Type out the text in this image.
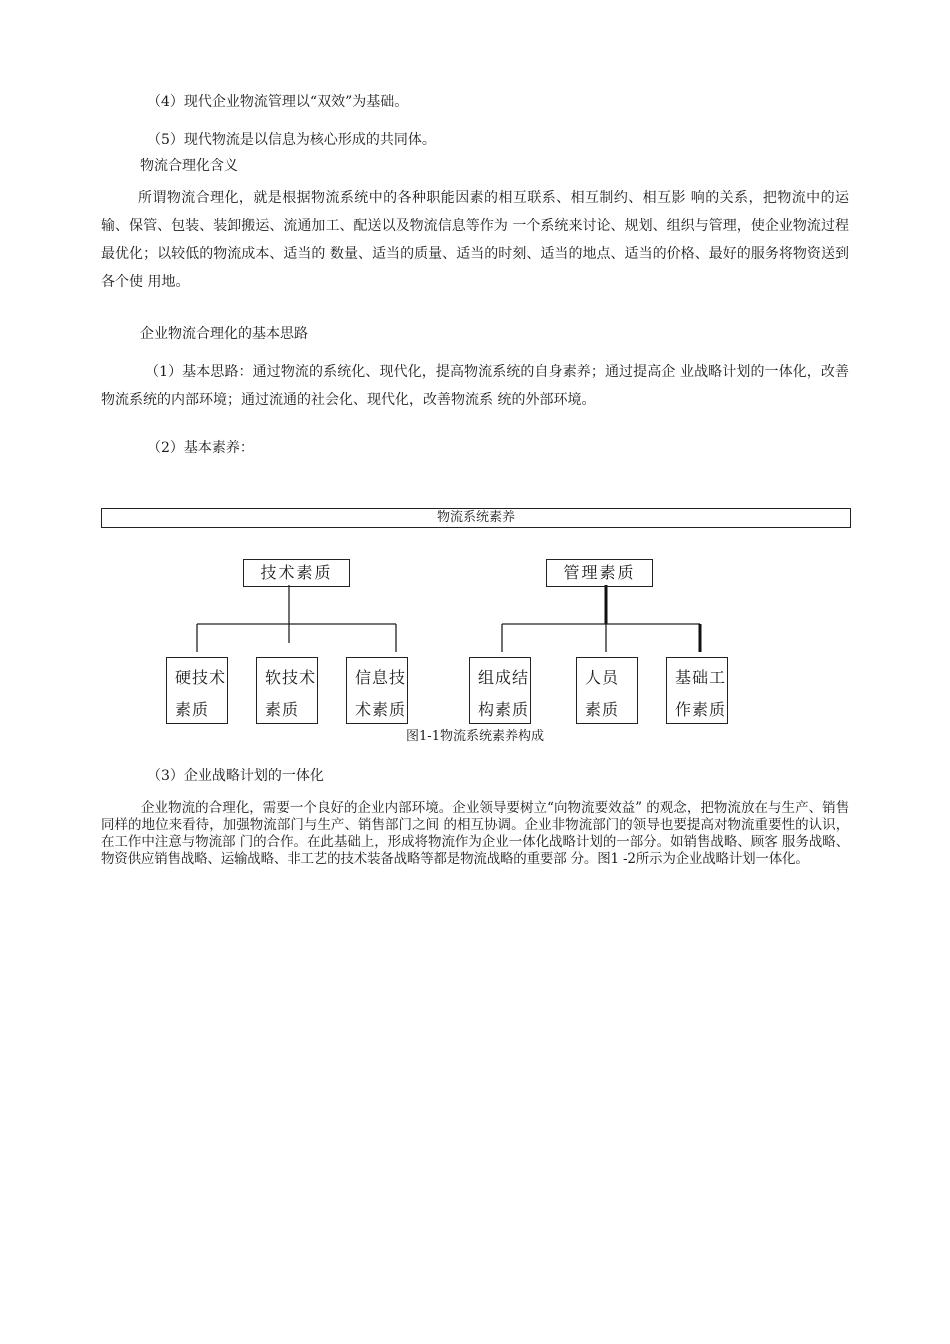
（4）现代企业物流管理以“双效”为基础。

（5）现代物流是以信息为核心形成的共同体。

物流合理化含义

所谓物流合理化，就是根据物流系统中的各种职能因素的相互联系、相互制约、相互影 响的关系，把物流中的运输、保管、包装、装卸搬运、流通加工、配送以及物流信息等作为 一个系统来讨论、规划、组织与管理，使企业物流过程最优化；以较低的物流成本、适当的 数量、适当的质量、适当的时刻、适当的地点、适当的价格、最好的服务将物资送到各个使 用地。

企业物流合理化的基本思路

（1）基本思路：通过物流的系统化、现代化，提高物流系统的自身素养；通过提高企 业战略计划的一体化，改善物流系统的内部环境；通过流通的社会化、现代化，改善物流系 统的外部环境。

（2）基本素养：

物流系统素养
技术素质	管理素质
硬技术
素质
软技术
素质
信息技
术素质
组成结
构素质
人员
素质
基础工
作素质
图1-1物流系统素养构成

（3）企业战略计划的一体化

企业物流的合理化，需要一个良好的企业内部环境。企业领导要树立“向物流要效益” 的观念，把物流放在与生产、销售同样的地位来看待，加强物流部门与生产、销售部门之间 的相互协调。企业非物流部门的领导也要提高对物流重要性的认识，在工作中注意与物流部 门的合作。在此基础上，形成将物流作为企业一体化战略计划的一部分。如销售战略、顾客 服务战略、物资供应销售战略、运输战略、非工艺的技术装备战略等都是物流战略的重要部 分。图1 -2所示为企业战略计划一体化。
